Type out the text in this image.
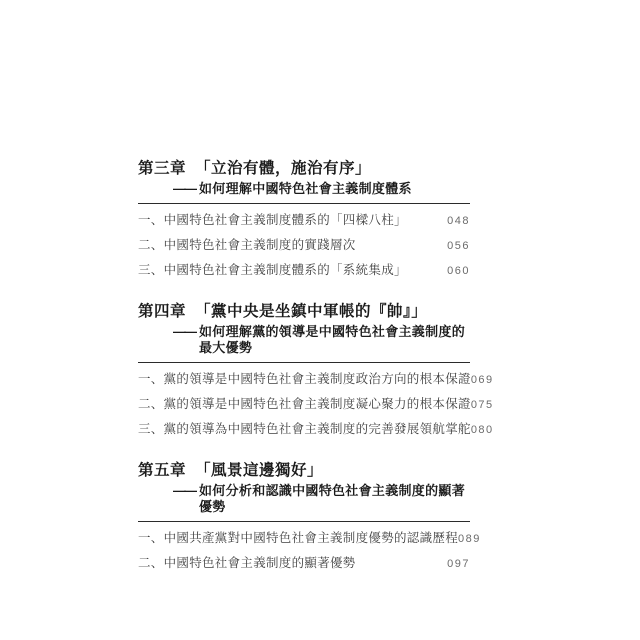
第三章 「立治有體，施治有序」
—— 如何理解中國特色社會主義制度體系
一、中國特色社會主義制度體系的「四樑八柱」	048
二、中國特色社會主義制度的實踐層次	056
三、中國特色社會主義制度體系的「系統集成」	060
第四章 「黨中央是坐鎮中軍帳的『帥』」
—— 如何理解黨的領導是中國特色社會主義制度的
最大優勢
一、黨的領導是中國特色社會主義制度政治方向的根本保證 069
二、黨的領導是中國特色社會主義制度凝心聚力的根本保證 075
三、黨的領導為中國特色社會主義制度的完善發展領航掌舵 080
第五章 「風景這邊獨好」
—— 如何分析和認識中國特色社會主義制度的顯著優勢
一、中國共產黨對中國特色社會主義制度優勢的認識歷程 089
二、中國特色社會主義制度的顯著優勢	097
